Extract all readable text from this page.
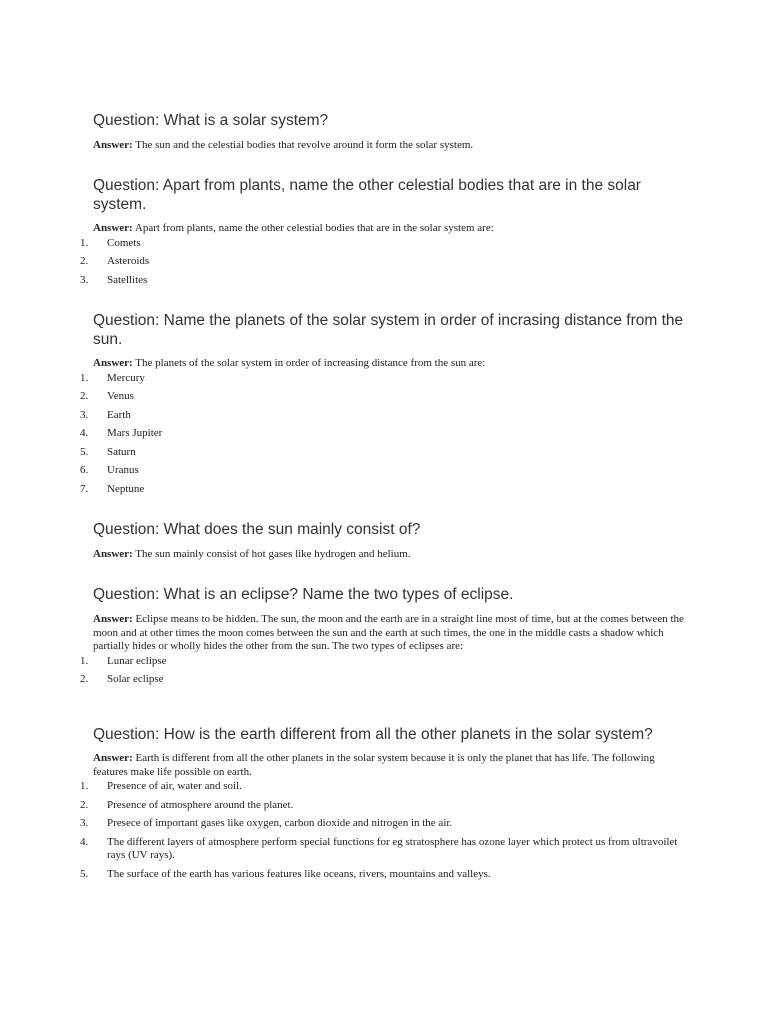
Question: What is a solar system?

Answer: The sun and the celestial bodies that revolve around it form the solar system.

Question: Apart from plants, name the other celestial bodies that are in the solar system.

Answer: Apart from plants, name the other celestial bodies that are in the solar system are:

1.	Comets
2.	Asteroids
3.	Satellites

Question: Name the planets of the solar system in order of incrasing distance from the sun.

Answer: The planets of the solar system in order of increasing distance from the sun are:

1.	Mercury
2.	Venus
3.	Earth
4.	Mars Jupiter
5.	Saturn
6.	Uranus
7.	Neptune

Question: What does the sun mainly consist of?

Answer: The sun mainly consist of hot gases like hydrogen and helium.

Question: What is an eclipse? Name the two types of eclipse.

Answer: Eclipse means to be hidden. The sun, the moon and the earth are in a straight line most of time, but at the comes between the moon and at other times the moon comes between the sun and the earth at such times, the one in the middle casts a shadow which partially hides or wholly hides the other from the sun. The two types of eclipses are:

1.	Lunar eclipse
2.	Solar eclipse

Question: How is the earth different from all the other planets in the solar system?

Answer: Earth is different from all the other planets in the solar system because it is only the planet that has life. The following features make life possible on earth.

1.	Presence of air, water and soil.
2.	Presence of atmosphere around the planet.
3.	Presece of important gases like oxygen, carbon dioxide and nitrogen in the air.
4.	The different layers of atmosphere perform special functions for eg stratosphere has ozone layer which protect us from ultravoilet rays (UV rays).
5.	The surface of the earth has various features like oceans, rivers, mountains and valleys.
